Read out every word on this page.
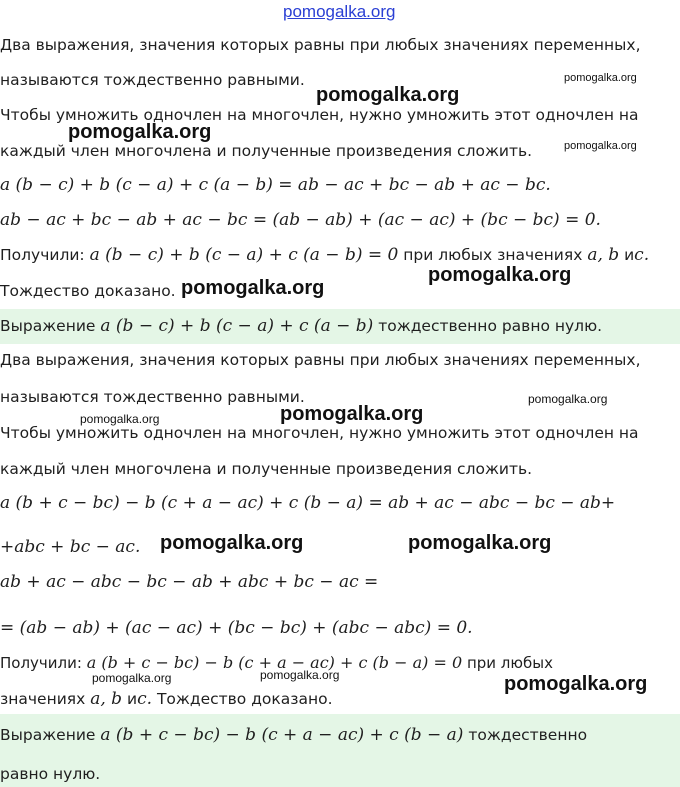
pomogalka.org
Два выражения, значения которых равны при любых значениях переменных,
называются тождественно равными.
Чтобы умножить одночлен на многочлен, нужно умножить этот одночлен на
каждый член многочлена и полученные произведения сложить.
a (b − c) + b (c − a) + c (a − b) = ab − ac + bc − ab + ac − bc.
ab − ac + bc − ab + ac − bc = (ab − ab) + (ac − ac) + (bc − bc) = 0.
Получили: a (b − c) + b (c − a) + c (a − b) = 0 при любых значениях a, b иc.
Тождество доказано.
Выражение a (b − c) + b (c − a) + c (a − b) тождественно равно нулю.
Два выражения, значения которых равны при любых значениях переменных,
называются тождественно равными.
Чтобы умножить одночлен на многочлен, нужно умножить этот одночлен на
каждый член многочлена и полученные произведения сложить.
a (b + c − bc) − b (c + a − ac) + c (b − a) = ab + ac − abc − bc − ab+
+abc + bc − ac.
ab + ac − abc − bc − ab + abc + bc − ac =
= (ab − ab) + (ac − ac) + (bc − bc) + (abc − abc) = 0.
Получили: a (b + c − bc) − b (c + a − ac) + c (b − a) = 0 при любых
значениях a, b иc. Тождество доказано.
Выражение a (b + c − bc) − b (c + a − ac) + c (b − a) тождественно
равно нулю.
pomogalka.org
pomogalka.org
pomogalka.org
pomogalka.org
pomogalka.org
pomogalka.org
pomogalka.org
pomogalka.org
pomogalka.org
pomogalka.org	pomogalka.org
pomogalka.org	pomogalka.org	pomogalka.org
